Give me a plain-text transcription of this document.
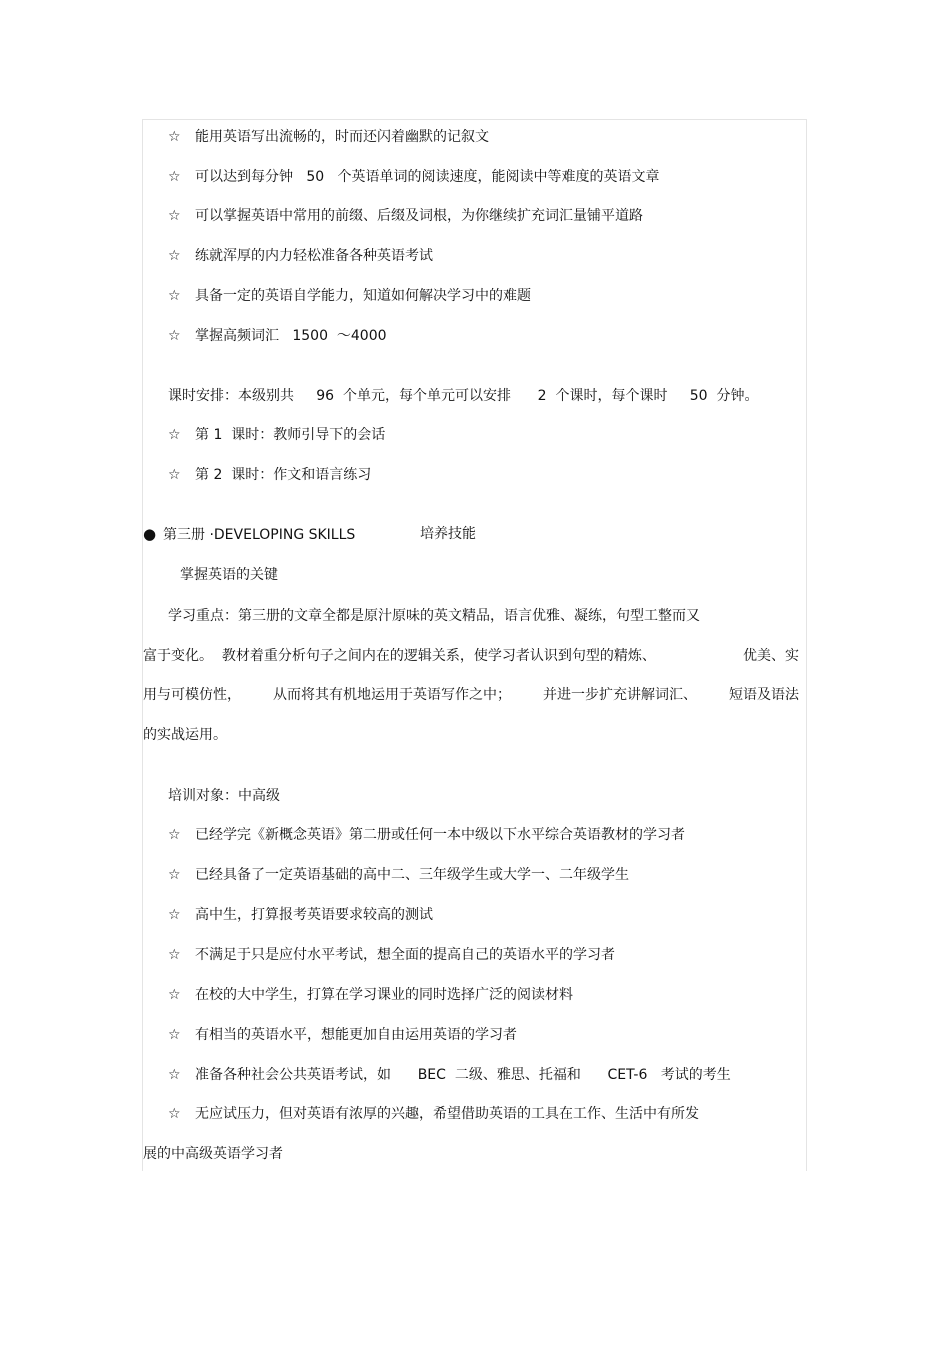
☆ 能用英语写出流畅的，时而还闪着幽默的记叙文
☆ 可以达到每分钟   50   个英语单词的阅读速度，能阅读中等难度的英语文章
☆ 可以掌握英语中常用的前缀、后缀及词根，为你继续扩充词汇量铺平道路
☆ 练就浑厚的内力轻松准备各种英语考试
☆ 具备一定的英语自学能力，知道如何解决学习中的难题
☆ 掌握高频词汇   1500  ～4000
课时安排：本级别共     96  个单元，每个单元可以安排      2  个课时，每个课时     50  分钟。
☆ 第 1  课时：教师引导下的会话
☆ 第 2  课时：作文和语言练习
● 第三册 ·DEVELOPING SKILLS	培养技能
掌握英语的关键
学习重点：第三册的文章全都是原汁原味的英文精品，语言优雅、凝练，句型工整而又
富于变化。  教材着重分析句子之间内在的逻辑关系，使学习者认识到句型的精炼、	优美、实
用与可模仿性， 从而将其有机地运用于英语写作之中； 并进一步扩充讲解词汇、 短语及语法
的实战运用。
培训对象：中高级
☆ 已经学完《新概念英语》第二册或任何一本中级以下水平综合英语教材的学习者
☆ 已经具备了一定英语基础的高中二、三年级学生或大学一、二年级学生
☆ 高中生，打算报考英语要求较高的测试
☆ 不满足于只是应付水平考试，想全面的提高自己的英语水平的学习者
☆ 在校的大中学生，打算在学习课业的同时选择广泛的阅读材料
☆ 有相当的英语水平，想能更加自由运用英语的学习者
☆ 准备各种社会公共英语考试，如      BEC  二级、雅思、托福和      CET-6   考试的考生
☆ 无应试压力，但对英语有浓厚的兴趣，希望借助英语的工具在工作、生活中有所发
展的中高级英语学习者
